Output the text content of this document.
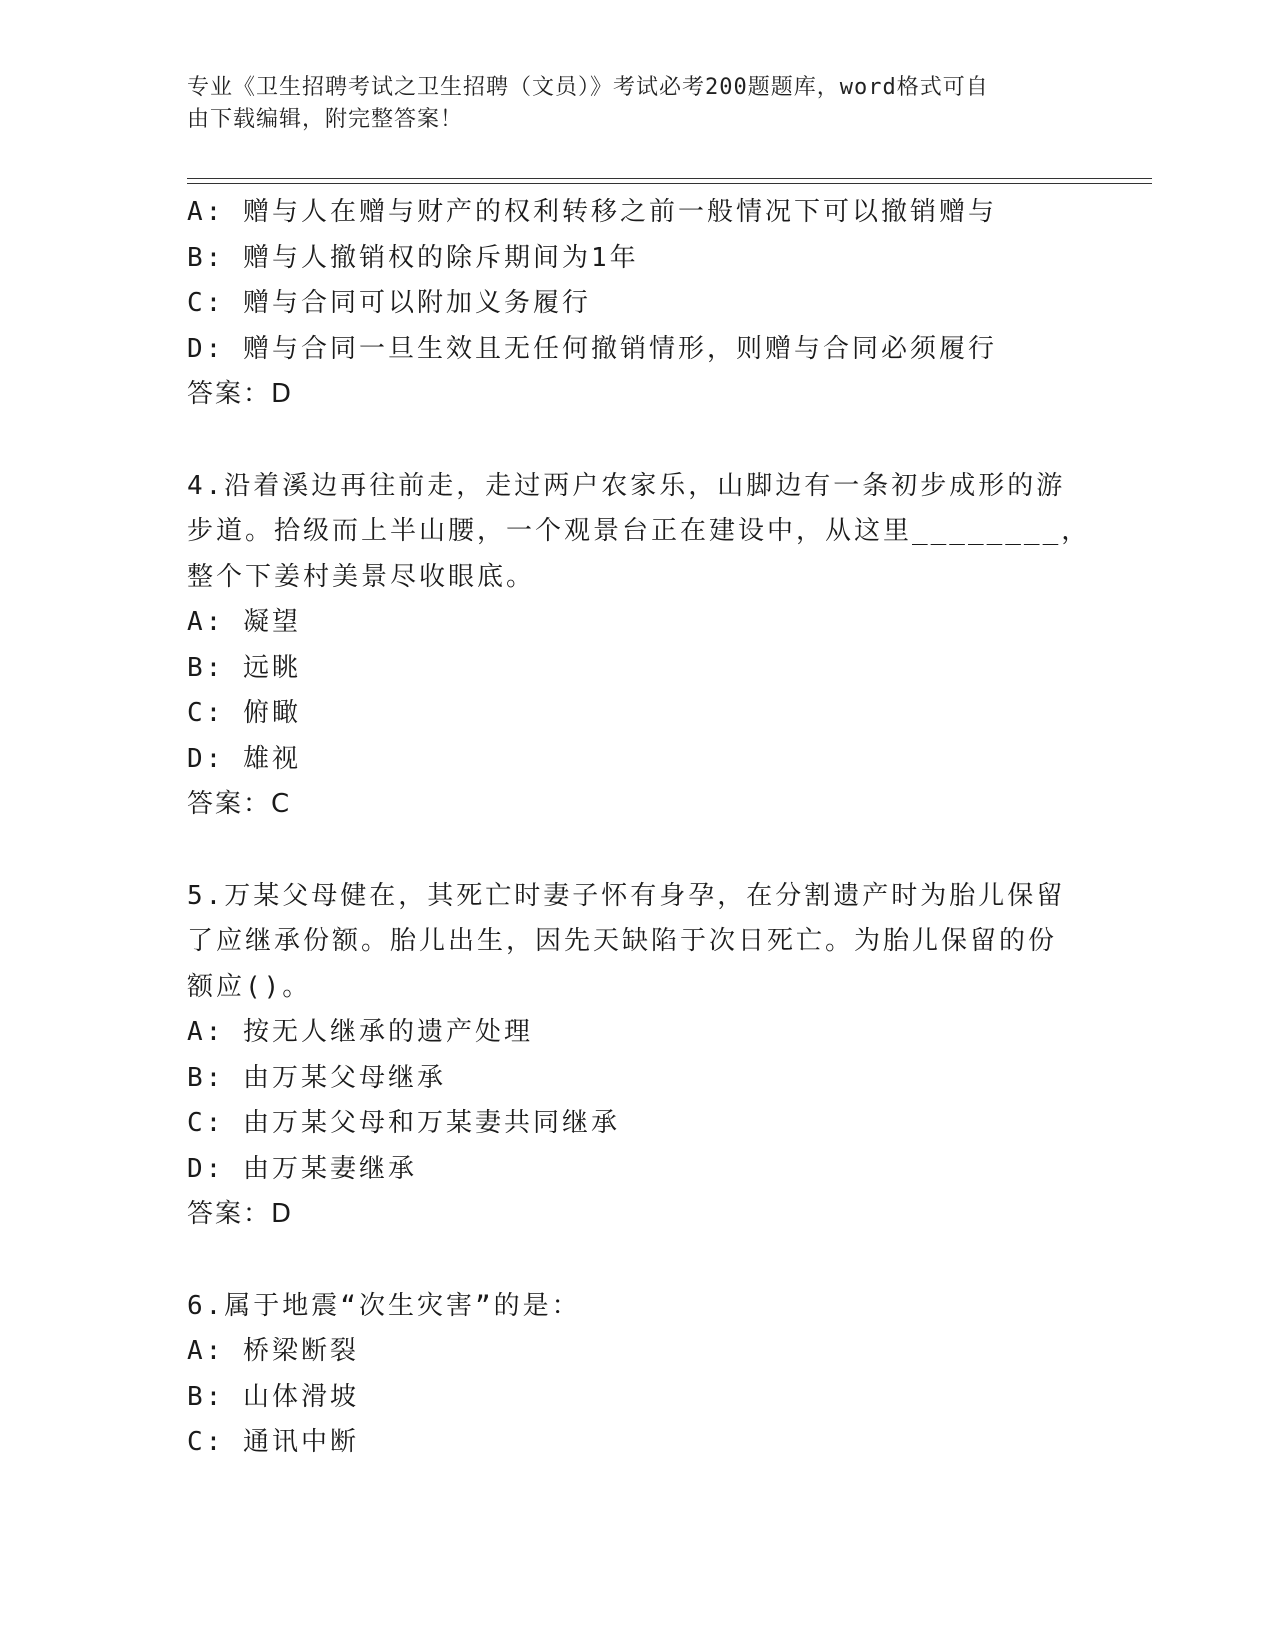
专业《卫生招聘考试之卫生招聘（文员）》考试必考200题题库，word格式可自
由下载编辑，附完整答案！
A: 赠与人在赠与财产的权利转移之前一般情况下可以撤销赠与
B: 赠与人撤销权的除斥期间为1年
C: 赠与合同可以附加义务履行
D: 赠与合同一旦生效且无任何撤销情形，则赠与合同必须履行
答案：D
4.沿着溪边再往前走，走过两户农家乐，山脚边有一条初步成形的游
步道。拾级而上半山腰，一个观景台正在建设中，从这里________，
整个下姜村美景尽收眼底。
A: 凝望
B: 远眺
C: 俯瞰
D: 雄视
答案：C
5.万某父母健在，其死亡时妻子怀有身孕，在分割遗产时为胎儿保留
了应继承份额。胎儿出生，因先天缺陷于次日死亡。为胎儿保留的份
额应()。
A: 按无人继承的遗产处理
B: 由万某父母继承
C: 由万某父母和万某妻共同继承
D: 由万某妻继承
答案：D
6.属于地震“次生灾害”的是：
A: 桥梁断裂
B: 山体滑坡
C: 通讯中断
